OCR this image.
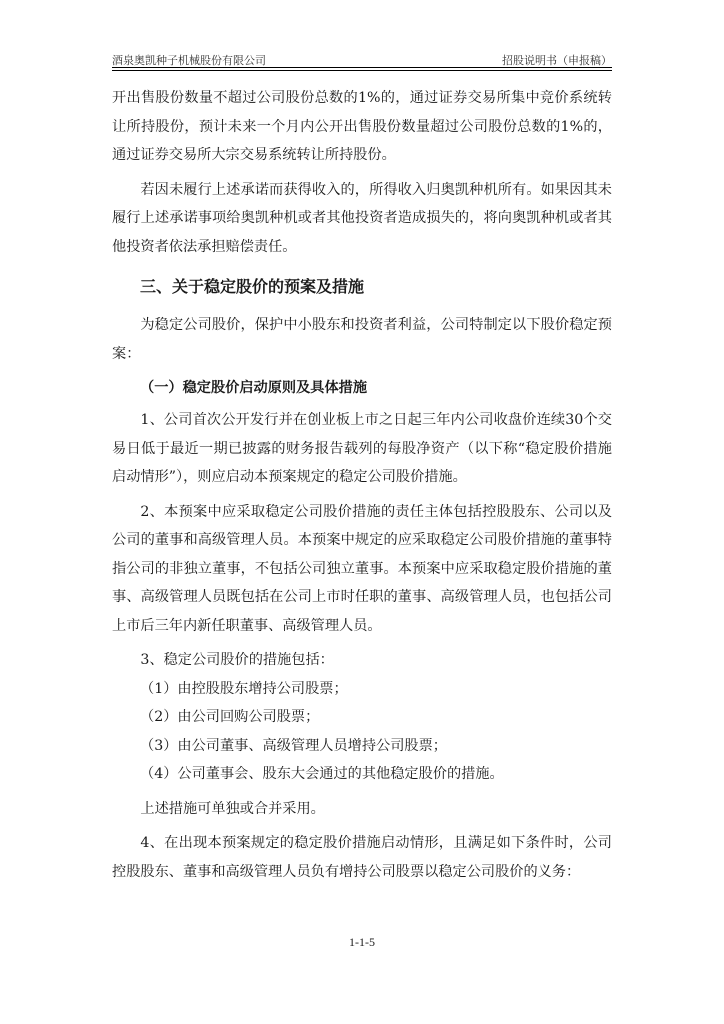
酒泉奥凯种子机械股份有限公司	招股说明书（申报稿）

开出售股份数量不超过公司股份总数的1%的，通过证券交易所集中竞价系统转让所持股份，预计未来一个月内公开出售股份数量超过公司股份总数的1%的，通过证券交易所大宗交易系统转让所持股份。

若因未履行上述承诺而获得收入的，所得收入归奥凯种机所有。如果因其未履行上述承诺事项给奥凯种机或者其他投资者造成损失的，将向奥凯种机或者其他投资者依法承担赔偿责任。

三、关于稳定股价的预案及措施

为稳定公司股价，保护中小股东和投资者利益，公司特制定以下股价稳定预案：

（一）稳定股价启动原则及具体措施

1、公司首次公开发行并在创业板上市之日起三年内公司收盘价连续30个交易日低于最近一期已披露的财务报告载列的每股净资产（以下称“稳定股价措施启动情形”），则应启动本预案规定的稳定公司股价措施。

2、本预案中应采取稳定公司股价措施的责任主体包括控股股东、公司以及公司的董事和高级管理人员。本预案中规定的应采取稳定公司股价措施的董事特指公司的非独立董事，不包括公司独立董事。本预案中应采取稳定股价措施的董事、高级管理人员既包括在公司上市时任职的董事、高级管理人员，也包括公司上市后三年内新任职董事、高级管理人员。

3、稳定公司股价的措施包括：

（1）由控股股东增持公司股票；

（2）由公司回购公司股票；

（3）由公司董事、高级管理人员增持公司股票；

（4）公司董事会、股东大会通过的其他稳定股价的措施。

上述措施可单独或合并采用。

4、在出现本预案规定的稳定股价措施启动情形，且满足如下条件时，公司控股股东、董事和高级管理人员负有增持公司股票以稳定公司股价的义务：

1-1-5
